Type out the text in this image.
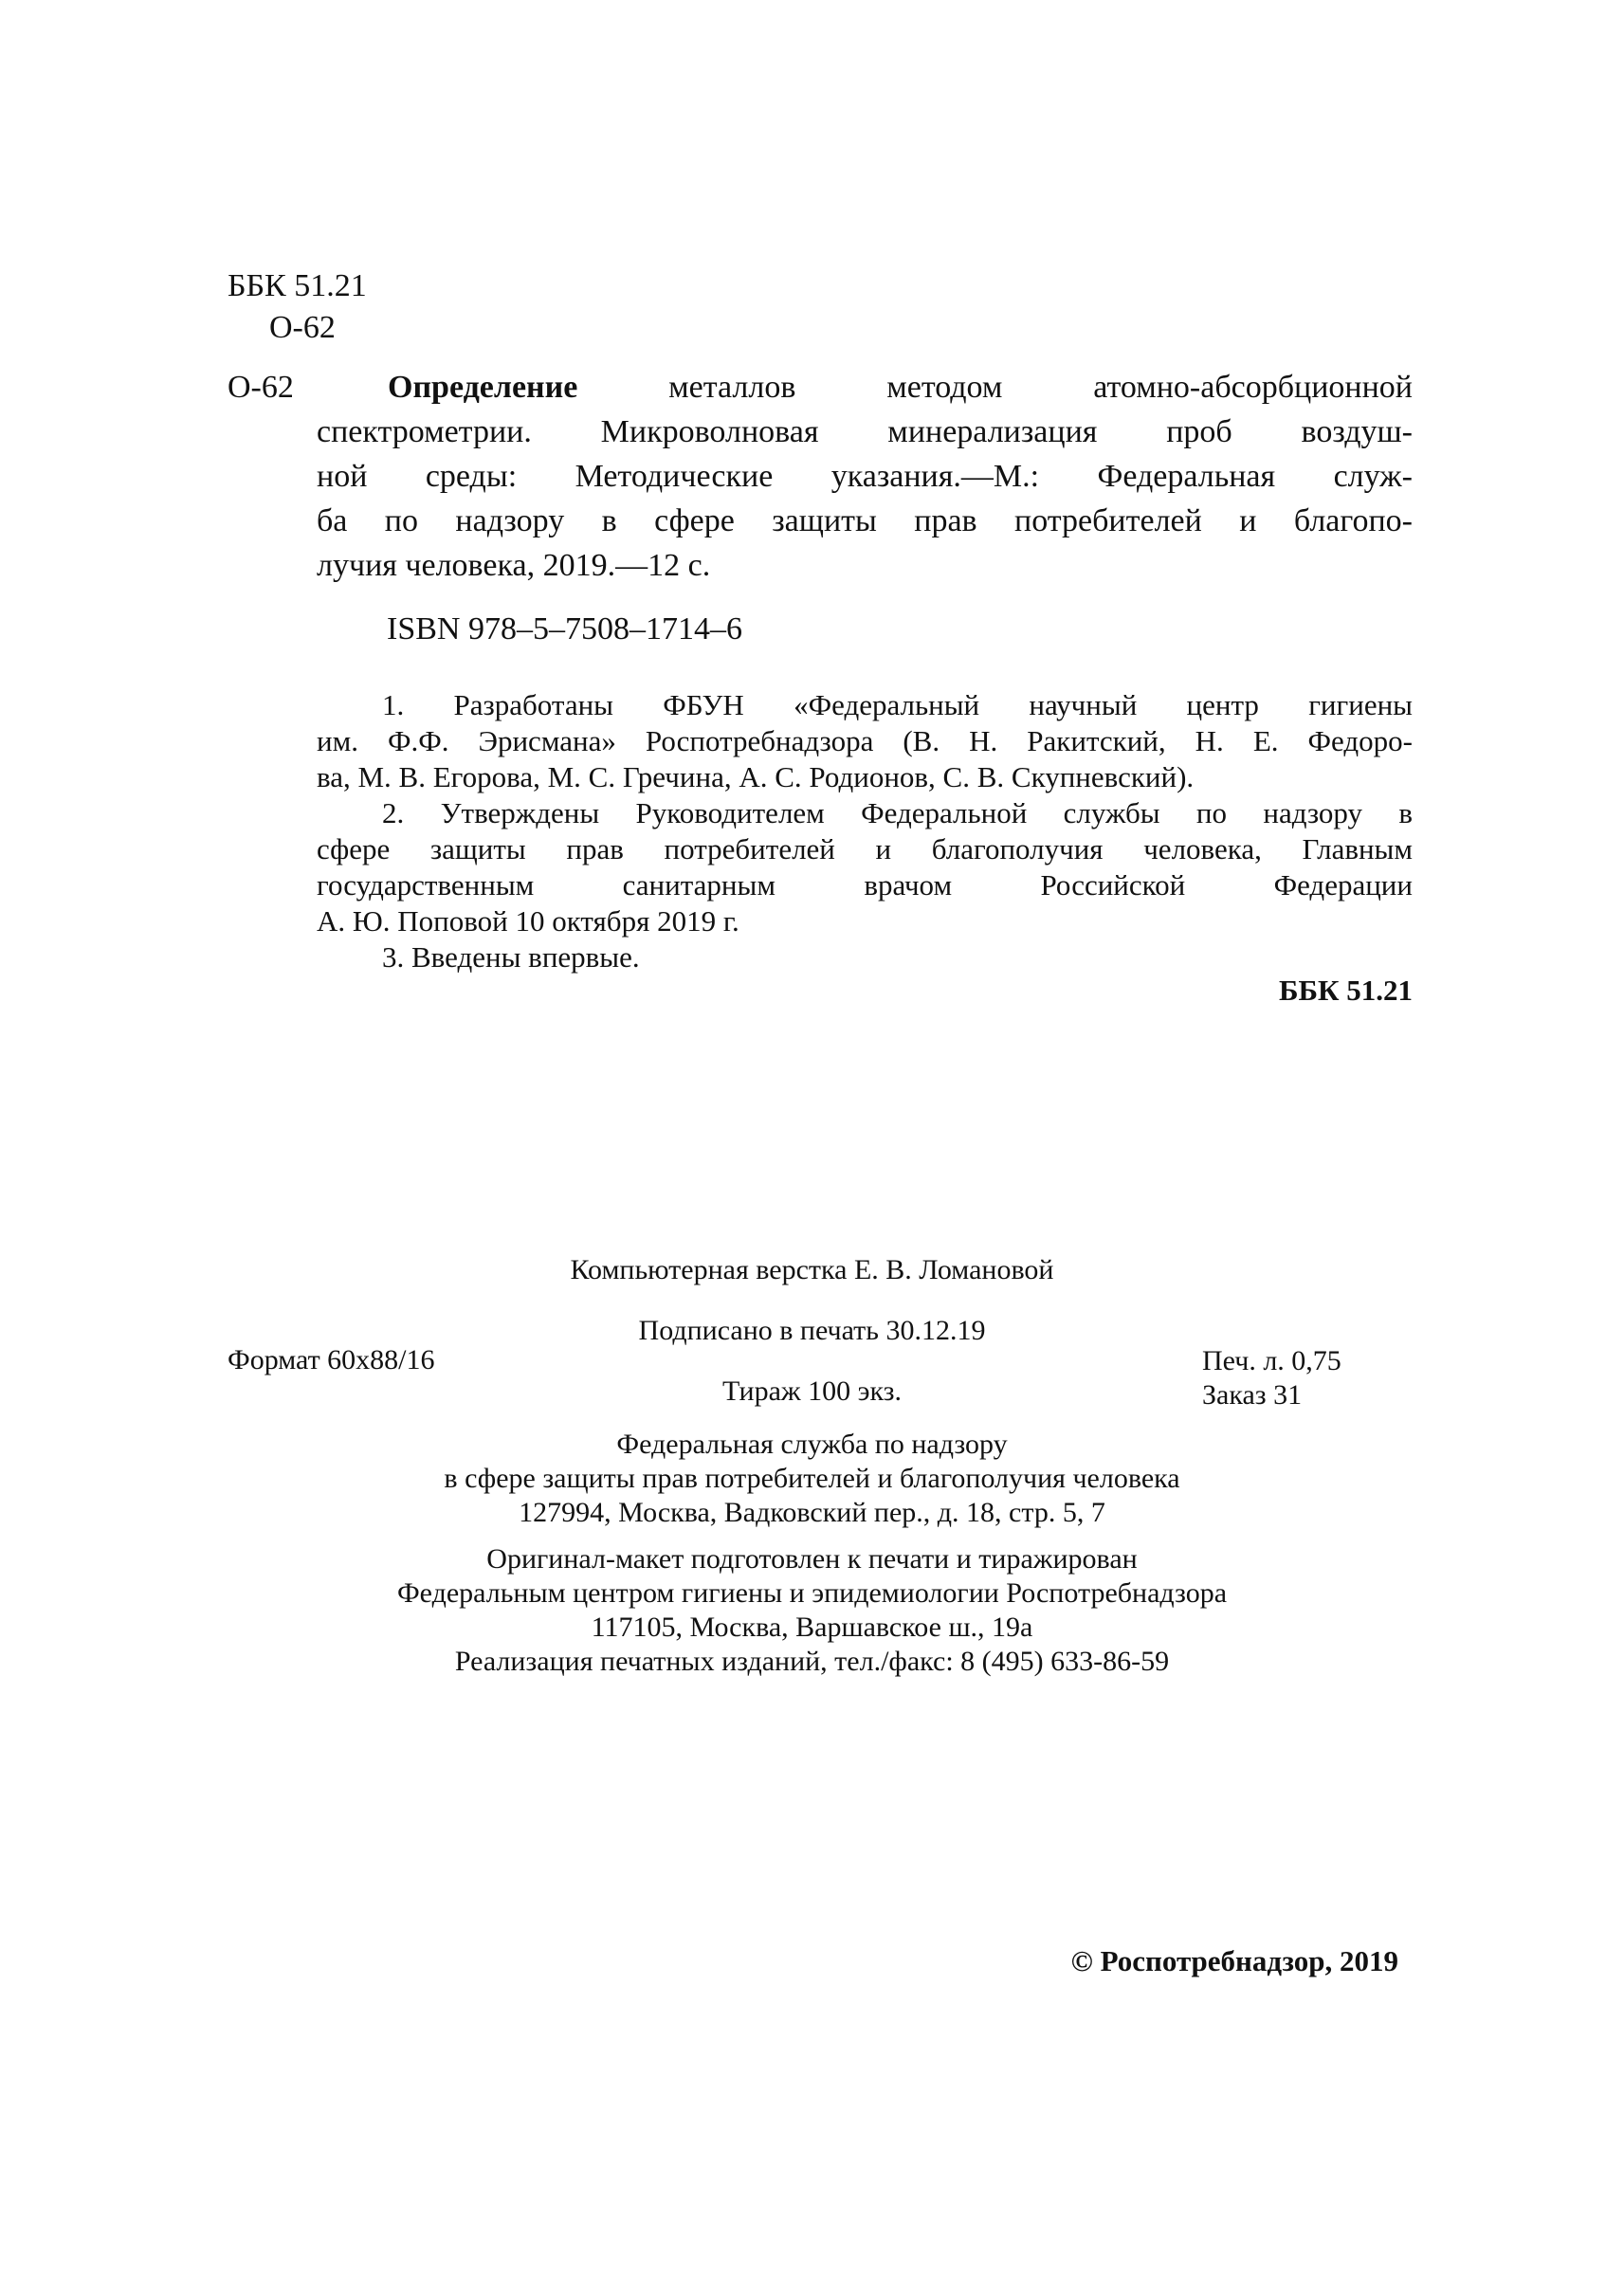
ББК 51.21
О-62
О-62	Определение металлов методом атомно-абсорбционной
спектрометрии. Микроволновая минерализация проб воздуш-
ной среды: Методические указания.—М.: Федеральная служ-
ба по надзору в сфере защиты прав потребителей и благопо-
лучия человека, 2019.—12 с.
ISBN 978–5–7508–1714–6
1. Разработаны ФБУН «Федеральный научный центр гигиены
им. Ф.Ф. Эрисмана» Роспотребнадзора (В. Н. Ракитский, Н. Е. Федоро-
ва, М. В. Егорова, М. С. Гречина, А. С. Родионов, С. В. Скупневский).
2. Утверждены Руководителем Федеральной службы по надзору в
сфере защиты прав потребителей и благополучия человека, Главным
государственным санитарным врачом Российской Федерации
А. Ю. Поповой 10 октября 2019 г.
3. Введены впервые.
ББК 51.21
Компьютерная верстка Е. В. Ломановой
Подписано в печать 30.12.19
Тираж 100 экз.
Формат 60x88/16	Печ. л. 0,75
Заказ 31
Федеральная служба по надзору
в сфере защиты прав потребителей и благополучия человека
127994, Москва, Вадковский пер., д. 18, стр. 5, 7
Оригинал-макет подготовлен к печати и тиражирован
Федеральным центром гигиены и эпидемиологии Роспотребнадзора
117105, Москва, Варшавское ш., 19а
Реализация печатных изданий, тел./факс: 8 (495) 633-86-59
© Роспотребнадзор, 2019
